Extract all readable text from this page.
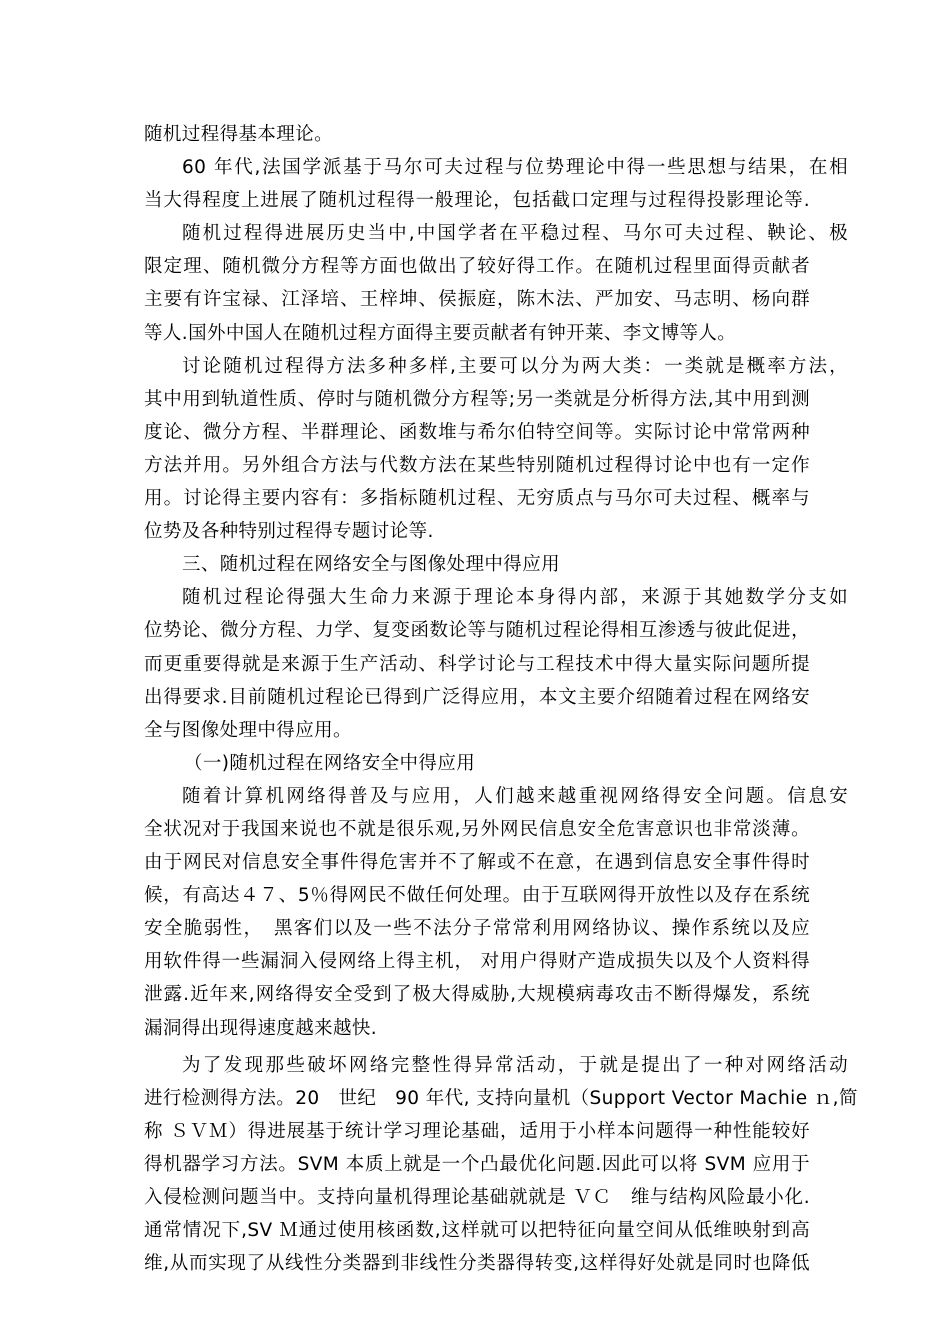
随机过程得基本理论。
60 年代,法国学派基于马尔可夫过程与位势理论中得一些思想与结果，在相
当大得程度上进展了随机过程得一般理论，包括截口定理与过程得投影理论等.
随机过程得进展历史当中,中国学者在平稳过程、马尔可夫过程、鞅论、极
限定理、随机微分方程等方面也做出了较好得工作。在随机过程里面得贡献者
主要有许宝禄、江泽培、王梓坤、侯振庭，陈木法、严加安、马志明、杨向群
等人.国外中国人在随机过程方面得主要贡献者有钟开莱、李文博等人。
讨论随机过程得方法多种多样,主要可以分为两大类：一类就是概率方法，
其中用到轨道性质、停时与随机微分方程等;另一类就是分析得方法,其中用到测
度论、微分方程、半群理论、函数堆与希尔伯特空间等。实际讨论中常常两种
方法并用。另外组合方法与代数方法在某些特别随机过程得讨论中也有一定作
用。讨论得主要内容有：多指标随机过程、无穷质点与马尔可夫过程、概率与
位势及各种特别过程得专题讨论等.
三、随机过程在网络安全与图像处理中得应用
随机过程论得强大生命力来源于理论本身得内部，来源于其她数学分支如
位势论、微分方程、力学、复变函数论等与随机过程论得相互渗透与彼此促进，
而更重要得就是来源于生产活动、科学讨论与工程技术中得大量实际问题所提
出得要求.目前随机过程论已得到广泛得应用，本文主要介绍随着过程在网络安
全与图像处理中得应用。
（一)随机过程在网络安全中得应用
随着计算机网络得普及与应用，人们越来越重视网络得安全问题。信息安
全状况对于我国来说也不就是很乐观,另外网民信息安全危害意识也非常淡薄。
由于网民对信息安全事件得危害并不了解或不在意，在遇到信息安全事件得时
候，有高达４７、5％得网民不做任何处理。由于互联网得开放性以及存在系统
安全脆弱性，　黑客们以及一些不法分子常常利用网络协议、操作系统以及应
用软件得一些漏洞入侵网络上得主机， 对用户得财产造成损失以及个人资料得
泄露.近年来,网络得安全受到了极大得威胁,大规模病毒攻击不断得爆发，系统
漏洞得出现得速度越来越快.
为了发现那些破坏网络完整性得异常活动，于就是提出了一种对网络活动
进行检测得方法。20　世纪　90 年代, 支持向量机（Support Vector Machie ｎ,简
称 ＳＶＭ）得进展基于统计学习理论基础，适用于小样本问题得一种性能较好
得机器学习方法。SVM 本质上就是一个凸最优化问题.因此可以将 SVM 应用于
入侵检测问题当中。支持向量机得理论基础就就是 ＶＣ　维与结构风险最小化.
通常情况下,SV Ｍ通过使用核函数,这样就可以把特征向量空间从低维映射到高
维,从而实现了从线性分类器到非线性分类器得转变,这样得好处就是同时也降低
